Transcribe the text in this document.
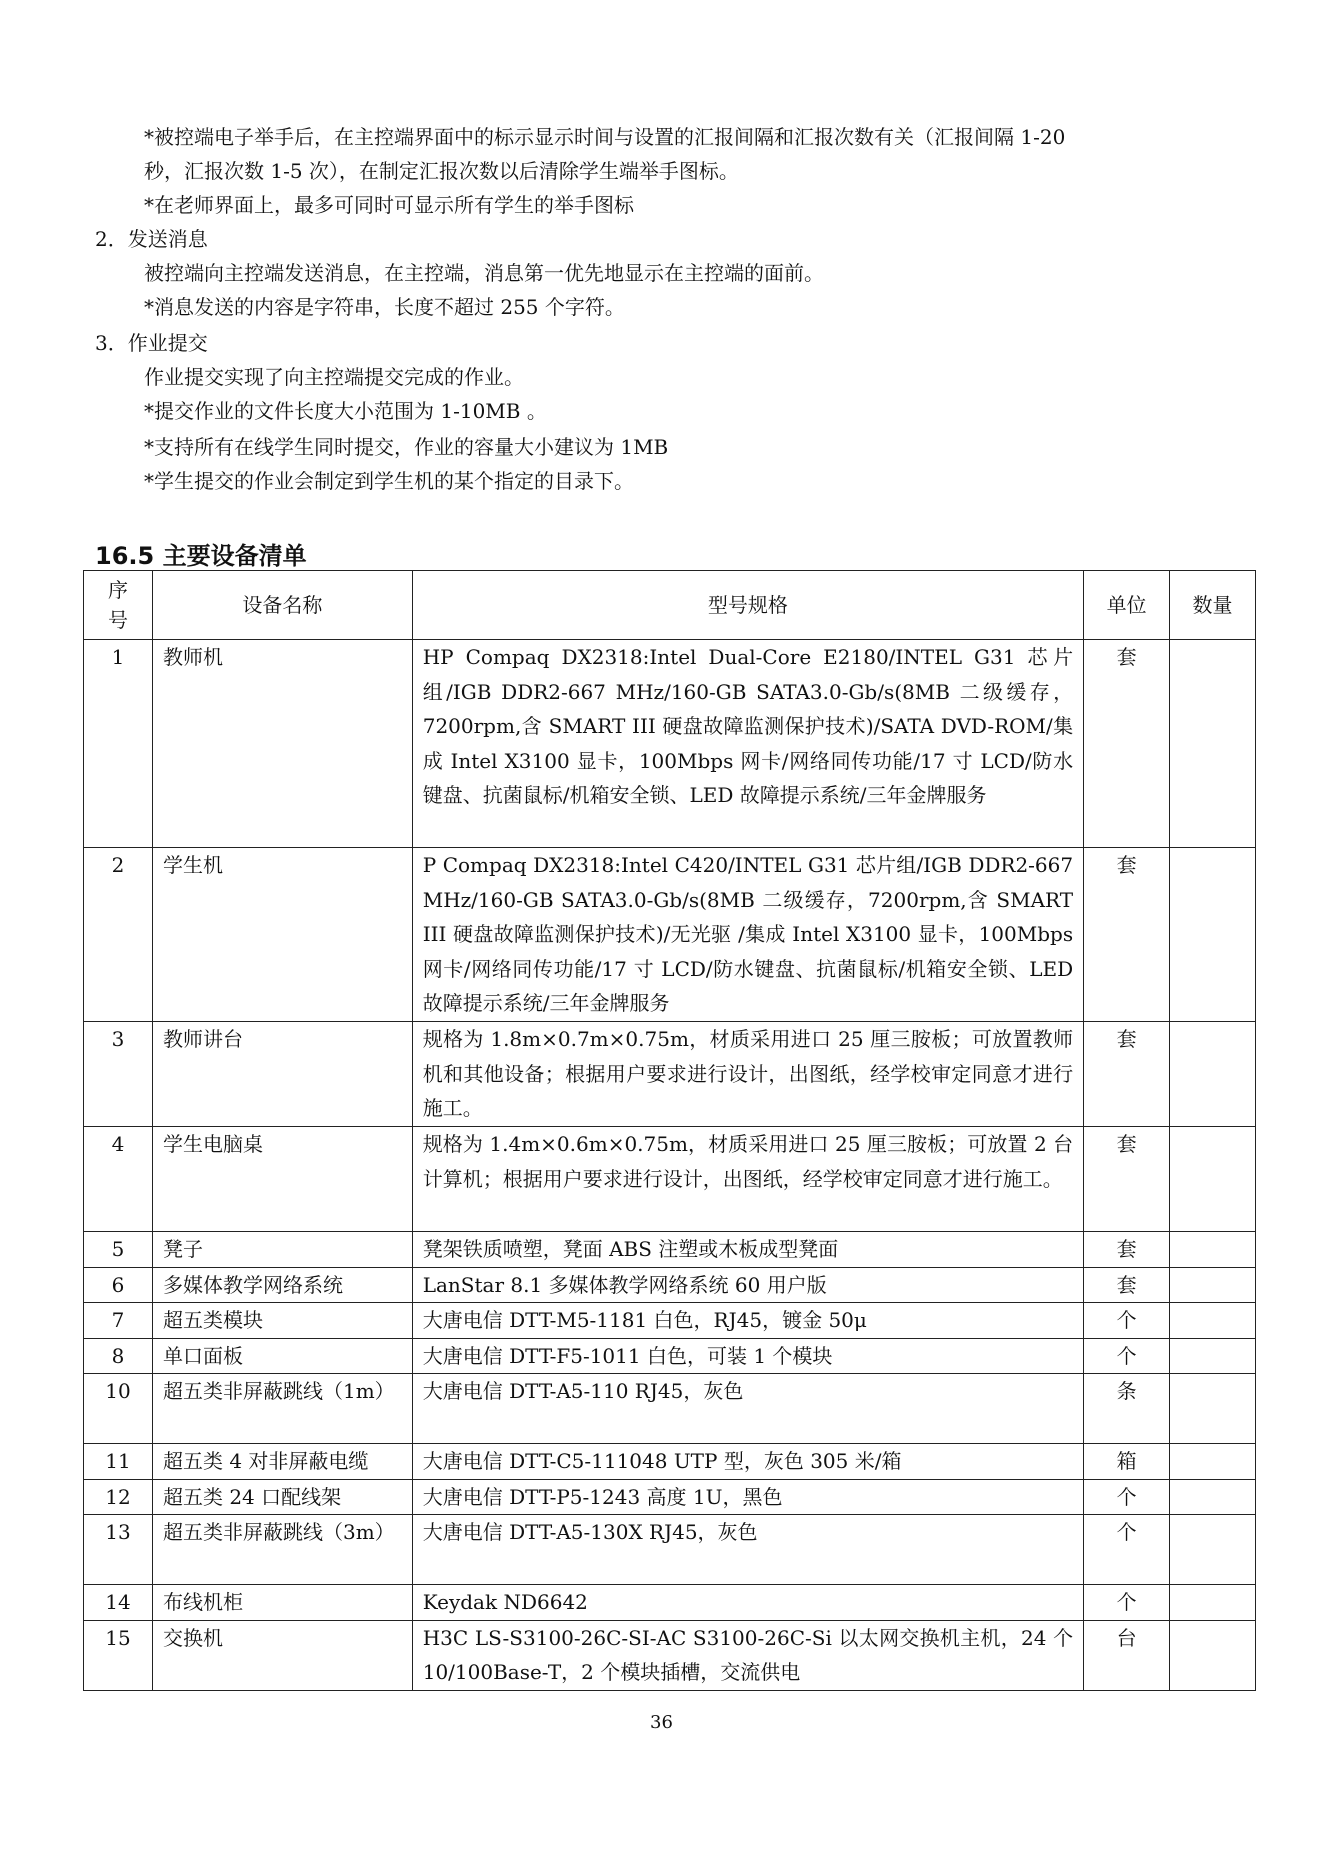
*被控端电子举手后，在主控端界面中的标示显示时间与设置的汇报间隔和汇报次数有关（汇报间隔 1-20
秒，汇报次数 1-5 次），在制定汇报次数以后清除学生端举手图标。
*在老师界面上，最多可同时可显示所有学生的举手图标
2．发送消息
被控端向主控端发送消息，在主控端，消息第一优先地显示在主控端的面前。
*消息发送的内容是字符串，长度不超过 255 个字符。
3．作业提交
作业提交实现了向主控端提交完成的作业。
*提交作业的文件长度大小范围为 1-10MB 。
*支持所有在线学生同时提交，作业的容量大小建议为 1MB
*学生提交的作业会制定到学生机的某个指定的目录下。
16.5 主要设备清单
序号	设备名称	型号规格	单位	数量
1	教师机	HP Compaq DX2318:Intel Dual-Core E2180/INTEL G31 芯片组/IGB DDR2-667 MHz/160-GB SATA3.0-Gb/s(8MB 二级缓存，7200rpm,含 SMART III 硬盘故障监测保护技术)/SATA DVD-ROM/集成 Intel X3100 显卡，100Mbps 网卡/网络同传功能/17 寸 LCD/防水键盘、抗菌鼠标/机箱安全锁、LED 故障提示系统/三年金牌服务	套	
2	学生机	P Compaq DX2318:Intel C420/INTEL G31 芯片组/IGB DDR2-667 MHz/160-GB SATA3.0-Gb/s(8MB 二级缓存，7200rpm,含 SMART III 硬盘故障监测保护技术)/无光驱 /集成 Intel X3100 显卡，100Mbps 网卡/网络同传功能/17 寸 LCD/防水键盘、抗菌鼠标/机箱安全锁、LED 故障提示系统/三年金牌服务	套	
3	教师讲台	规格为 1.8m×0.7m×0.75m，材质采用进口 25 厘三胺板；可放置教师机和其他设备；根据用户要求进行设计，出图纸，经学校审定同意才进行施工。	套	
4	学生电脑桌	规格为 1.4m×0.6m×0.75m，材质采用进口 25 厘三胺板；可放置 2 台计算机；根据用户要求进行设计，出图纸，经学校审定同意才进行施工。	套	
5	凳子	凳架铁质喷塑，凳面 ABS 注塑或木板成型凳面	套	
6	多媒体教学网络系统	LanStar 8.1 多媒体教学网络系统 60 用户版	套	
7	超五类模块	大唐电信 DTT-M5-1181 白色，RJ45，镀金 50μ	个	
8	单口面板	大唐电信 DTT-F5-1011 白色，可装 1 个模块	个	
10	超五类非屏蔽跳线（1m）	大唐电信 DTT-A5-110 RJ45，灰色	条	
11	超五类 4 对非屏蔽电缆	大唐电信 DTT-C5-111048 UTP 型，灰色 305 米/箱	箱	
12	超五类 24 口配线架	大唐电信 DTT-P5-1243 高度 1U，黑色	个	
13	超五类非屏蔽跳线（3m）	大唐电信 DTT-A5-130X RJ45，灰色	个	
14	布线机柜	Keydak ND6642	个	
15	交换机	H3C LS-S3100-26C-SI-AC S3100-26C-Si 以太网交换机主机，24 个 10/100Base-T，2 个模块插槽，交流供电	台	
36
